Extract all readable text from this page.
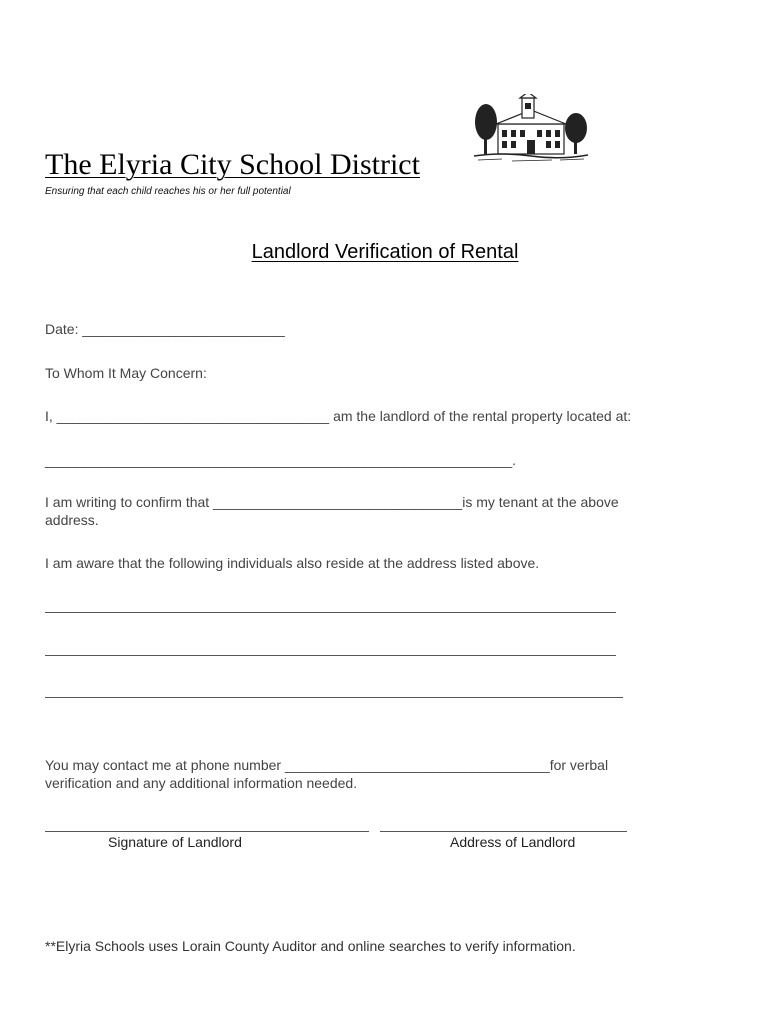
The Elyria City School District
Ensuring that each child reaches his or her full potential
Landlord Verification of Rental
Date: __________________________
To Whom It May Concern:
I, ___________________________________ am the landlord of the rental property located at:
____________________________________________________________.
I am writing to confirm that ________________________________is my tenant at the above
address.
I am aware that the following individuals also reside at the address listed above.
You may contact me at phone number __________________________________for verbal
verification and any additional information needed.
Signature of Landlord	Address of Landlord
**Elyria Schools uses Lorain County Auditor and online searches to verify information.
